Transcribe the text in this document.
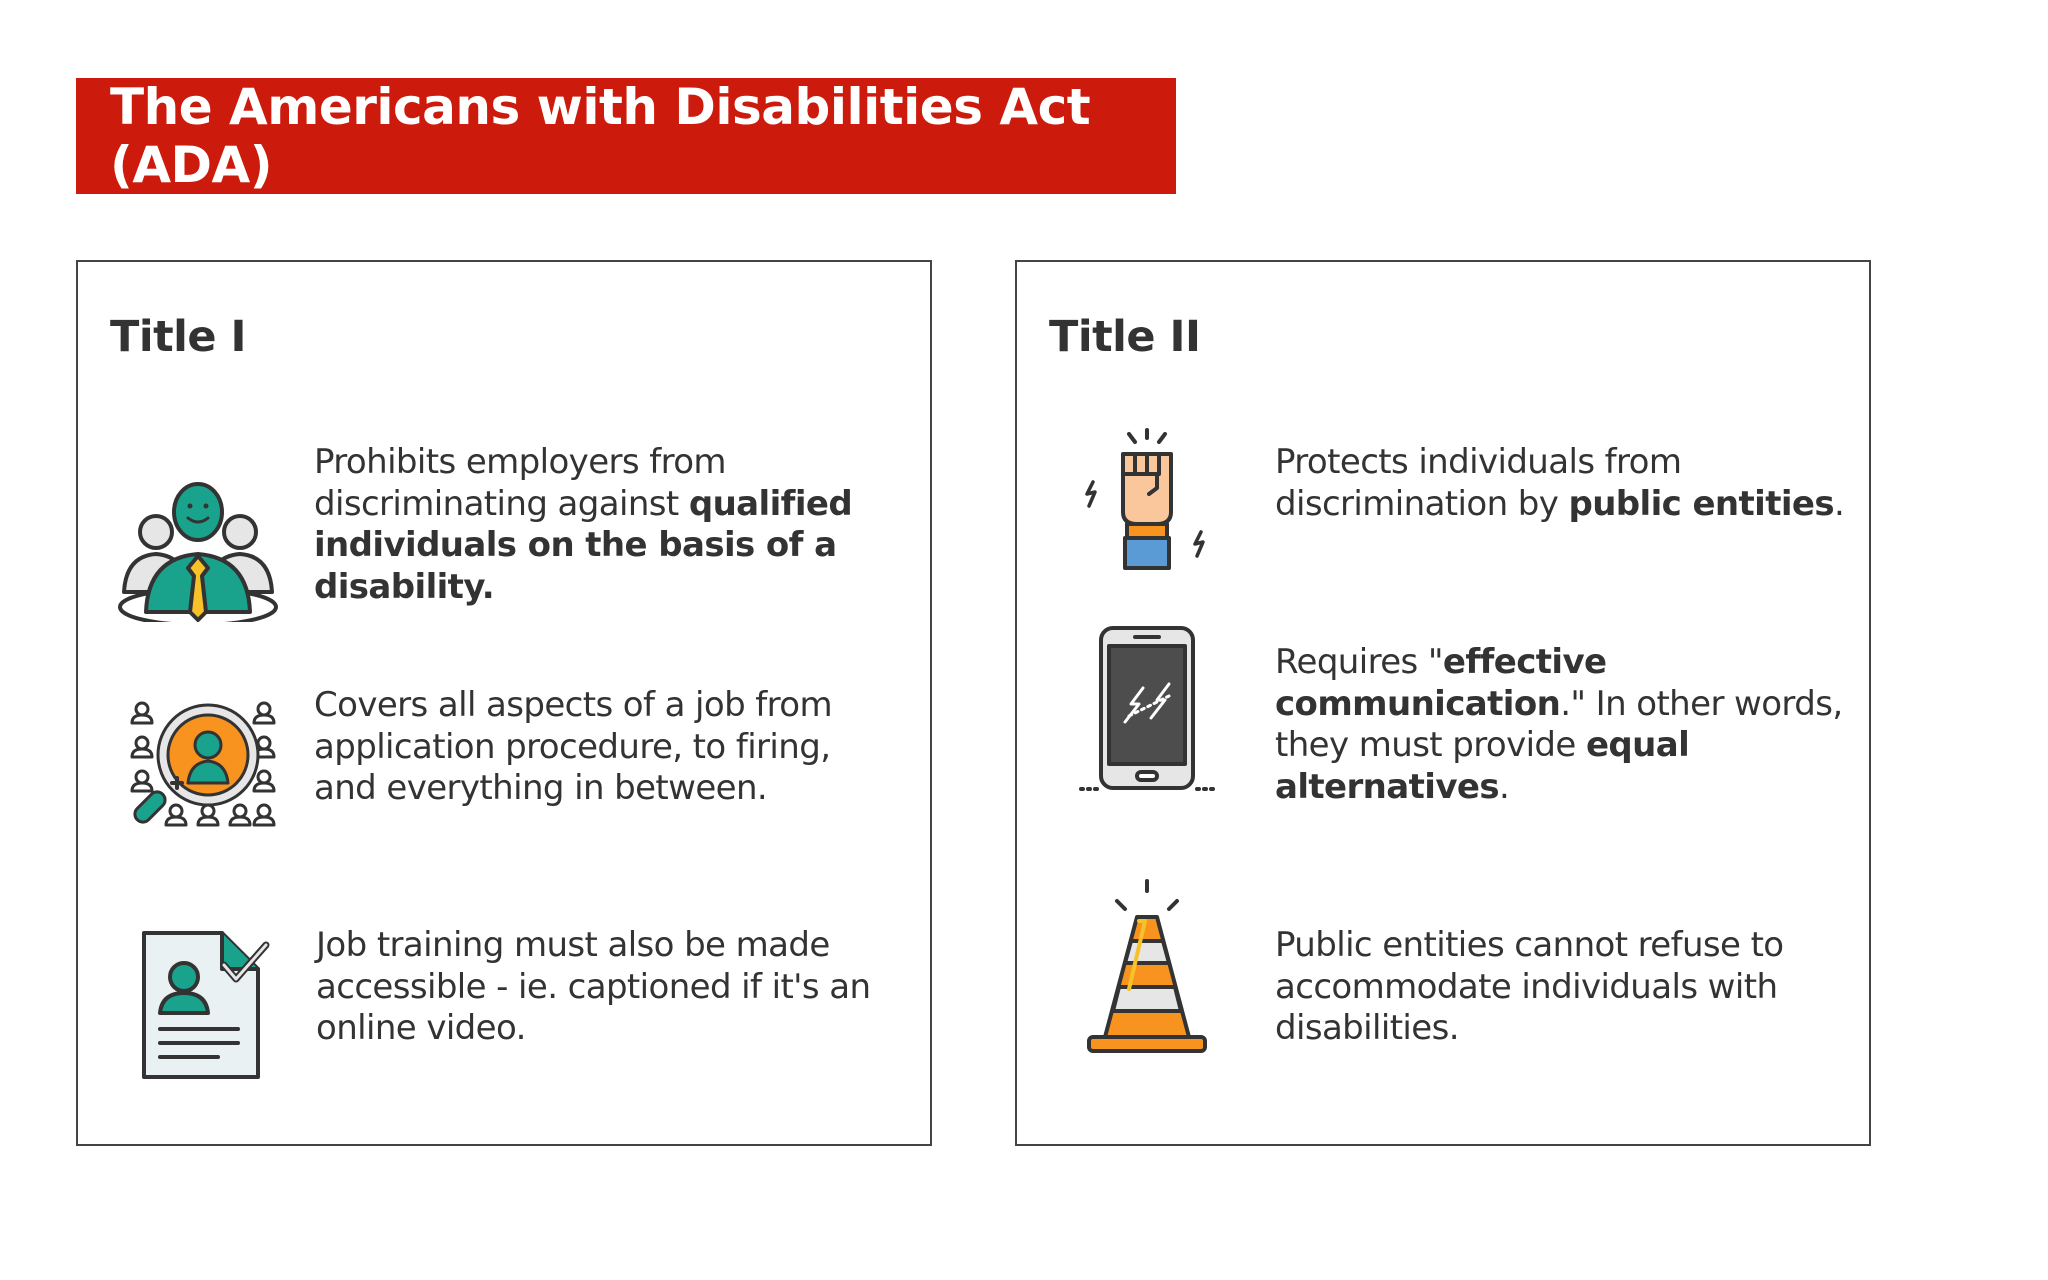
The Americans with Disabilities Act (ADA)
Title I

Prohibits employers from discriminating against qualified individuals on the basis of a disability.

Covers all aspects of a job from application procedure, to firing, and everything in between.

Job training must also be made accessible - ie. captioned if it's an online video.

Title II

Protects individuals from discrimination by public entities.

Requires "effective communication." In other words, they must provide equal alternatives.

Public entities cannot refuse to accommodate individuals with disabilities.
